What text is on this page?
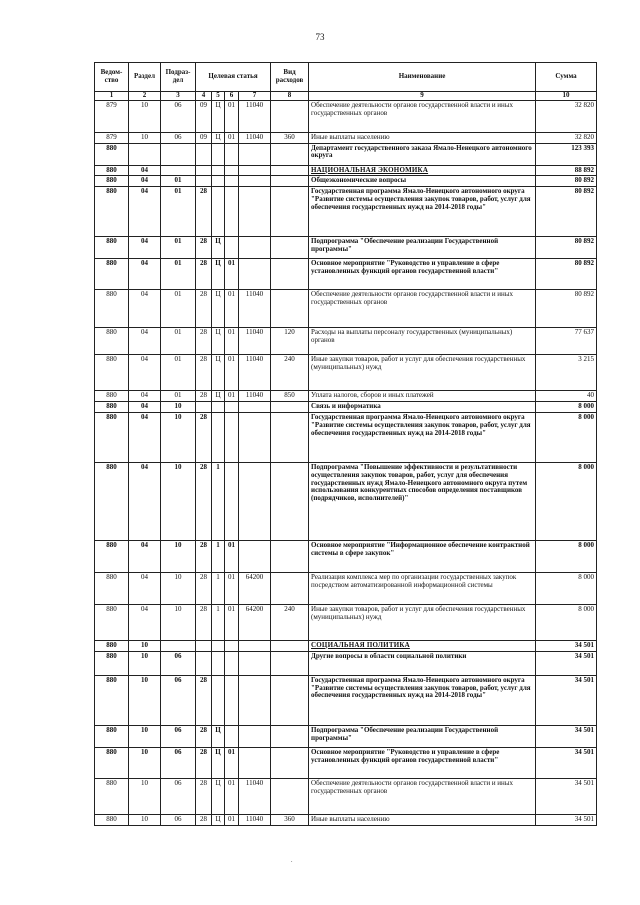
73
Ведом-ство	Раздел	Подраз-дел	Целевая статья				Вид расходов	Наименование	Сумма
1	2	3	4	5	6	7	8	9	10
879	10	06	09	Ц	01	11040		Обеспечение деятельности органов государственной власти и иных государственных органов	32 820
879	10	06	09	Ц	01	11040	360	Иные выплаты населению	32 820
880								Департамент государственного заказа Ямало-Ненецкого автономного округа	123 393
880	04							НАЦИОНАЛЬНАЯ ЭКОНОМИКА	88 892
880	04	01						Общеэкономические вопросы	80 892
880	04	01	28					Государственная программа Ямало-Ненецкого автономного округа "Развитие системы осуществления закупок товаров, работ, услуг для обеспечения государственных нужд на 2014-2018 годы"	80 892
880	04	01	28	Ц				Подпрограмма "Обеспечение реализации Государственной программы"	80 892
880	04	01	28	Ц	01			Основное мероприятие "Руководство и управление в сфере установленных функций органов государственной власти"	80 892
880	04	01	28	Ц	01	11040		Обеспечение деятельности органов государственной власти и иных государственных органов	80 892
880	04	01	28	Ц	01	11040	120	Расходы на выплаты персоналу государственных (муниципальных) органов	77 637
880	04	01	28	Ц	01	11040	240	Иные закупки товаров, работ и услуг для обеспечения государственных (муниципальных) нужд	3 215
880	04	01	28	Ц	01	11040	850	Уплата налогов, сборов и иных платежей	40
880	04	10						Связь и информатика	8 000
880	04	10	28					Государственная программа Ямало-Ненецкого автономного округа "Развитие системы осуществления закупок товаров, работ, услуг для обеспечения государственных нужд на 2014-2018 годы"	8 000
880	04	10	28	1				Подпрограмма "Повышение эффективности и результативности осуществления закупок товаров, работ, услуг для обеспечения государственных нужд Ямало-Ненецкого автономного округа путем использования конкурентных способов определения поставщиков (подрядчиков, исполнителей)"	8 000
880	04	10	28	1	01			Основное мероприятие "Информационное обеспечение контрактной системы в сфере закупок"	8 000
880	04	10	28	1	01	64200		Реализация комплекса мер по организации государственных закупок посредством автоматизированной информационной системы	8 000
880	04	10	28	1	01	64200	240	Иные закупки товаров, работ и услуг для обеспечения государственных (муниципальных) нужд	8 000
880	10							СОЦИАЛЬНАЯ ПОЛИТИКА	34 501
880	10	06						Другие вопросы в области социальной политики	34 501
880	10	06	28					Государственная программа Ямало-Ненецкого автономного округа "Развитие системы осуществления закупок товаров, работ, услуг для обеспечения государственных нужд на 2014-2018 годы"	34 501
880	10	06	28	Ц				Подпрограмма "Обеспечение реализации Государственной программы"	34 501
880	10	06	28	Ц	01			Основное мероприятие "Руководство и управление в сфере установленных функций органов государственной власти"	34 501
880	10	06	28	Ц	01	11040		Обеспечение деятельности органов государственной власти и иных государственных органов	34 501
880	10	06	28	Ц	01	11040	360	Иные выплаты населению	34 501
.
